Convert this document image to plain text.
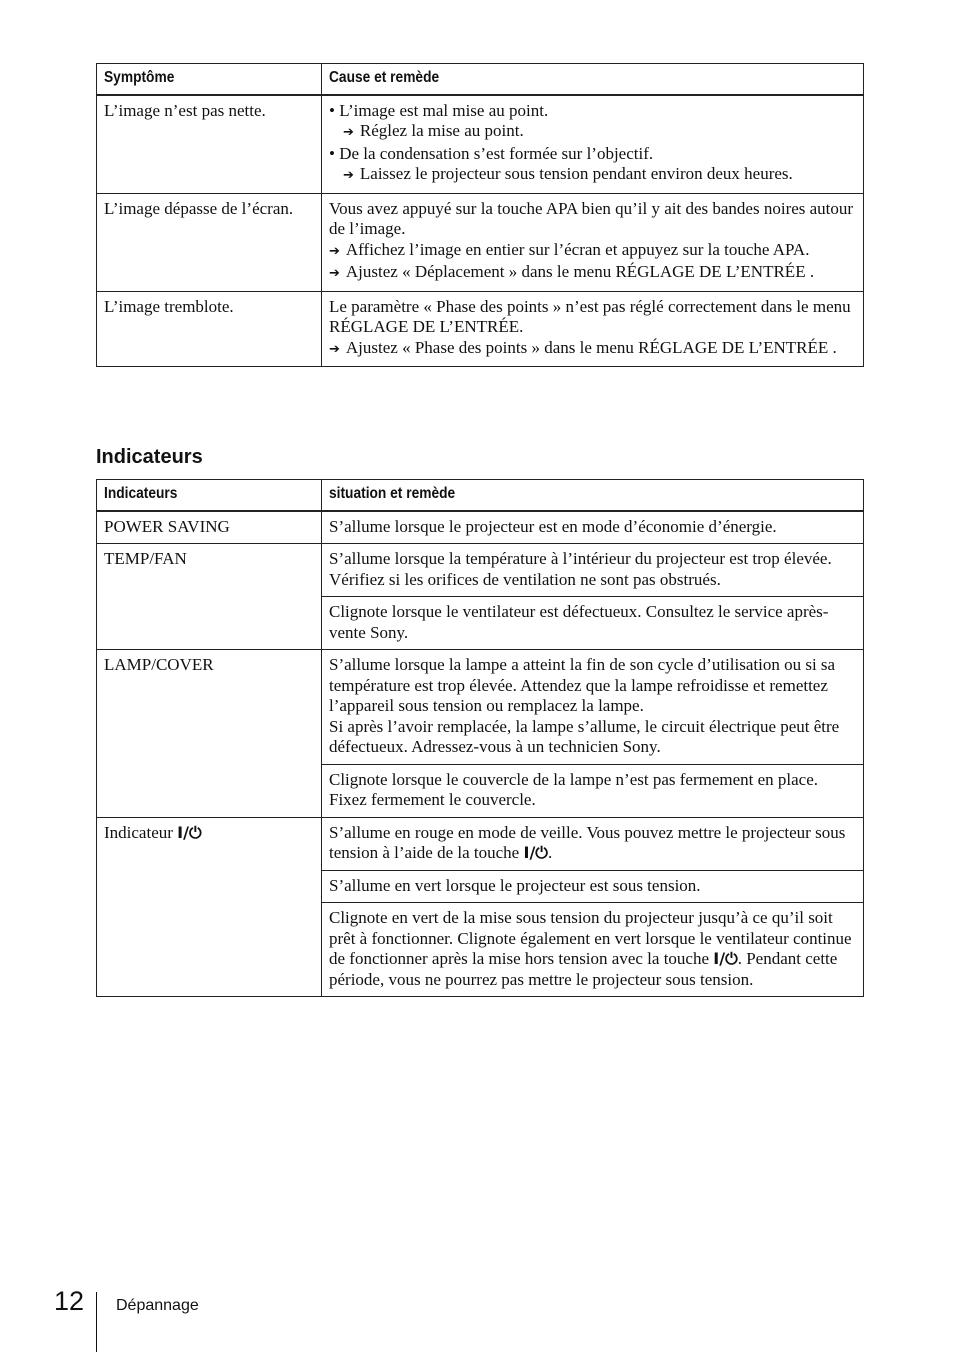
Symptôme	Cause et remède
L’image n’est pas nette.	• L’image est mal mise au point.
➔ Réglez la mise au point.
• De la condensation s’est formée sur l’objectif.
➔ Laissez le projecteur sous tension pendant environ deux heures.

L’image dépasse de l’écran.	Vous avez appuyé sur la touche APA bien qu’il y ait des bandes noires autour de l’image.
➔ Affichez l’image en entier sur l’écran et appuyez sur la touche APA.
➔ Ajustez « Déplacement » dans le menu RÉGLAGE DE L’ENTRÉE .

L’image tremblote.	Le paramètre « Phase des points » n’est pas réglé correctement dans le menu RÉGLAGE DE L’ENTRÉE.
➔ Ajustez « Phase des points » dans le menu RÉGLAGE DE L’ENTRÉE .
Indicateurs
Indicateurs	situation et remède
POWER SAVING	S’allume lorsque le projecteur est en mode d’économie d’énergie.
TEMP/FAN	S’allume lorsque la température à l’intérieur du projecteur est trop élevée. Vérifiez si les orifices de ventilation ne sont pas obstrués.
	Clignote lorsque le ventilateur est défectueux. Consultez le service après-vente Sony.
LAMP/COVER	S’allume lorsque la lampe a atteint la fin de son cycle d’utilisation ou si sa température est trop élevée. Attendez que la lampe refroidisse et remettez l’appareil sous tension ou remplacez la lampe.
Si après l’avoir remplacée, la lampe s’allume, le circuit électrique peut être défectueux. Adressez-vous à un technicien Sony.

	Clignote lorsque le couvercle de la lampe n’est pas fermement en place. Fixez fermement le couvercle.
Indicateur I/⏻	S’allume en rouge en mode de veille. Vous pouvez mettre le projecteur sous tension à l’aide de la touche I/⏻.
	S’allume en vert lorsque le projecteur est sous tension.
	Clignote en vert de la mise sous tension du projecteur jusqu’à ce qu’il soit prêt à fonctionner. Clignote également en vert lorsque le ventilateur continue de fonctionner après la mise hors tension avec la touche I/⏻. Pendant cette période, vous ne pourrez pas mettre le projecteur sous tension.
12 Dépannage
